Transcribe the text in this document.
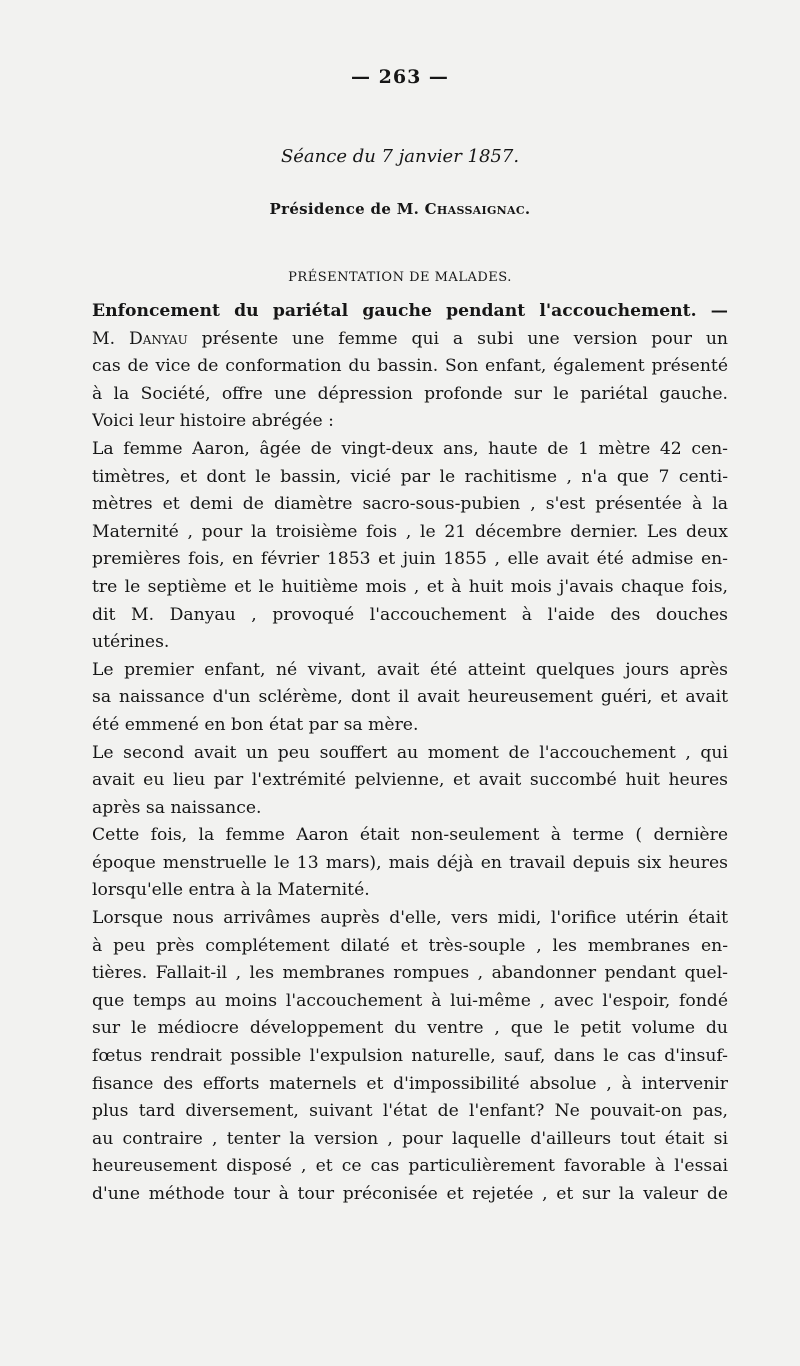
— 263 —
Séance du 7 janvier 1857.
Présidence de M. Chassaignac.
PRÉSENTATION DE MALADES.
Enfoncement du pariétal gauche pendant l'accouchement. —
M. Danyau présente une femme qui a subi une version pour un
cas de vice de conformation du bassin. Son enfant, également présenté
à la Société, offre une dépression profonde sur le pariétal gauche.
Voici leur histoire abrégée :
La femme Aaron, âgée de vingt-deux ans, haute de 1 mètre 42 cen-
timètres, et dont le bassin, vicié par le rachitisme , n'a que 7 centi-
mètres et demi de diamètre sacro-sous-pubien , s'est présentée à la
Maternité , pour la troisième fois , le 21 décembre dernier. Les deux
premières fois, en février 1853 et juin 1855 , elle avait été admise en-
tre le septième et le huitième mois , et à huit mois j'avais chaque fois,
dit M. Danyau , provoqué l'accouchement à l'aide des douches
utérines.
Le premier enfant, né vivant, avait été atteint quelques jours après
sa naissance d'un sclérème, dont il avait heureusement guéri, et avait
été emmené en bon état par sa mère.
Le second avait un peu souffert au moment de l'accouchement , qui
avait eu lieu par l'extrémité pelvienne, et avait succombé huit heures
après sa naissance.
Cette fois, la femme Aaron était non-seulement à terme ( dernière
époque menstruelle le 13 mars), mais déjà en travail depuis six heures
lorsqu'elle entra à la Maternité.
Lorsque nous arrivâmes auprès d'elle, vers midi, l'orifice utérin était
à peu près complétement dilaté et très-souple , les membranes en-
tières. Fallait-il , les membranes rompues , abandonner pendant quel-
que temps au moins l'accouchement à lui-même , avec l'espoir, fondé
sur le médiocre développement du ventre , que le petit volume du
fœtus rendrait possible l'expulsion naturelle, sauf, dans le cas d'insuf-
fisance des efforts maternels et d'impossibilité absolue , à intervenir
plus tard diversement, suivant l'état de l'enfant? Ne pouvait-on pas,
au contraire , tenter la version , pour laquelle d'ailleurs tout était si
heureusement disposé , et ce cas particulièrement favorable à l'essai
d'une méthode tour à tour préconisée et rejetée , et sur la valeur de
